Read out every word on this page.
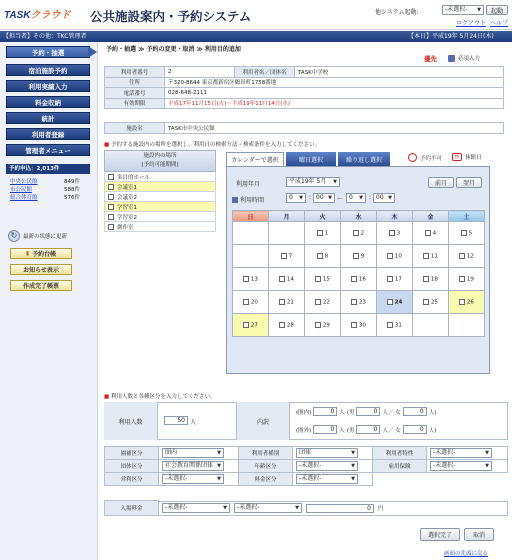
TASKクラウド 公共施設案内・予約システム	他システム起動:	-未選択- ▼	起動
ログアウト ヘルプ
【担当者】その他：TKC管理者	【本日】平成19年 5月24日(木)
予約・抽選
宿泊施設予約
利用実績入力
料金収納
統計
利用者登録
管理者メニュー
予約申込：2,013件
中央公民館	849件
市公民館	588件
総合体育館	576件
↻	最新の状態に更新
▮ 予約台帳
お知らせ表示
作成完了帳票
予約・抽選 ≫ 予約の変更・取消 ≫ 利用目的追加
優先	必須入力
利用者番号	2	利用者名／団体名	TASK中学校
住所	〒320-8644 東京都新宿区鶴田町1758番地		
電話番号	028-648-2111		
有効期限	平成17年11月15日(火)〜平成19年11月14日(水)		
施設名	TASK市中央公民館
■ 予約する施設内の場所を選択し、利用日の検索方法・検索条件を入力してください。
施設内の場所
(予約可能期間)
多目的ホール
会議室1
会議室2
学習室1
学習室2
創作室
カレンダーで選択	曜日選択	繰り返し選択	予約不可	休	休館日
利用年月	平成19年 5月 ▼	前月	翌月
利用時間	0 ▼ : 00 ▼ 〜 0 ▼ : 00 ▼
日	月	火	水	木	金	土
		1	2	3	4	5
	7	8	9	10	11	12
13	14	15	16	17	18	19
20	21	22	23	24	25	26
27	28	29	30	31		
■ 利用人数と各種区分を入力してください。
利用人数	50 人	内訳
(圏内)	0 人 (男	0 人／ 女	0 人)
(圏外)	0 人 (男	0 人／ 女	0 人)
園補区分	圏内 ▼	利用者種別	団体 ▼	利用者特性	-未選択- ▼

団体区分	社会教育関係団体 ▼	年齢区分	-未選択- ▼	雇用保険	-未選択- ▼

営利区分	-未選択- ▼	料金区分	-未選択- ▼		

入場料金		-未選択-	▼ -未選択-	▼	0	円
選択完了	取消
画面の先頭に戻る
